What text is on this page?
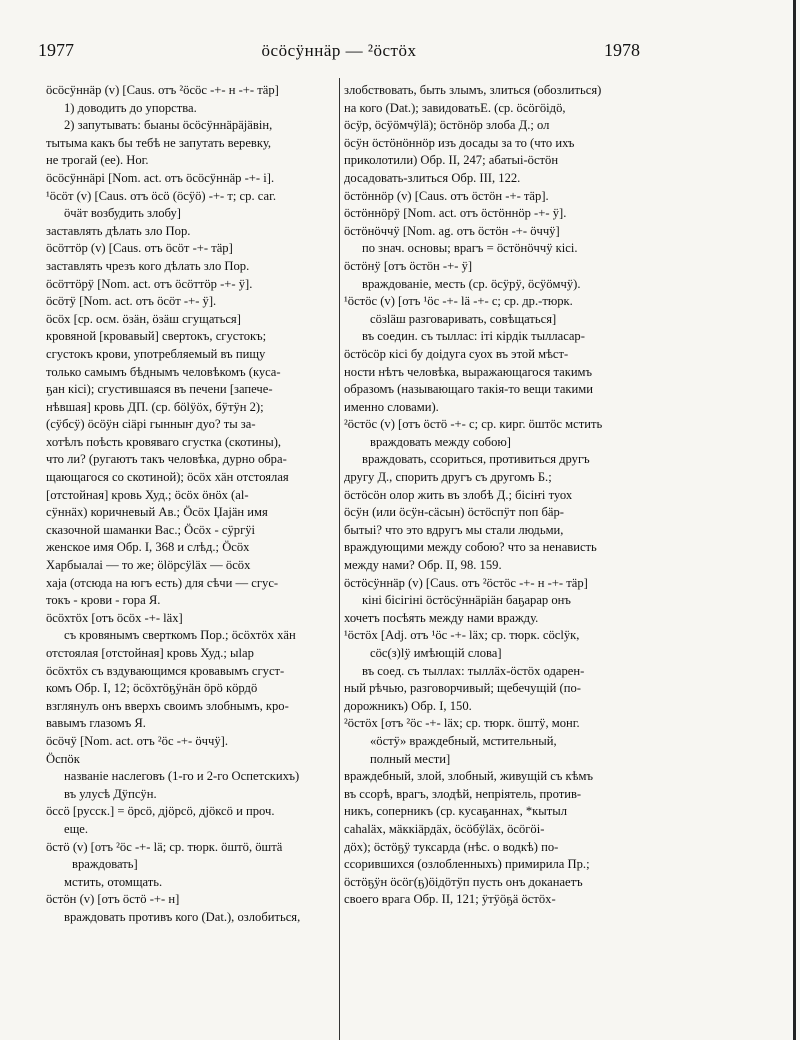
1977	ӧсӧсӱннӓр — ²ӧстӧх	1978
ӧсӧсӱннӓр (v) [Caus. отъ ²ӧсӧс -+- н -+- тӓр]
1) доводить до упорства.
2) запутывать: быаны ӧсӧсӱннӓрӓjӓвін,
тытыма какъ бы тебѣ не запутать веревку,
не трогай (ее). Ног.
ӧсӧсӱннӓрі [Nom. act. отъ ӧсӧсӱннӓр -+- і].
¹ӧсӧт (v) [Caus. отъ ӧсӧ (ӧсӱӧ) -+- т; ср. саг.
ӧчӓт возбудить злобу]
заставлять дѣлать зло Пор.
ӧсӧттӧр (v) [Caus. отъ ӧсӧт -+- тӓр]
заставлять чрезъ кого дѣлать зло Пор.
ӧсӧттӧрӱ [Nom. act. отъ ӧсӧттӧр -+- ӱ].
ӧсӧтӱ [Nom. act. отъ ӧсӧт -+- ӱ].
ӧсӧх [ср. осм. ӧзӓн, ӧзӓш сгущаться]
кровяной [кровавый] свертокъ, сгустокъ;
сгустокъ крови, употребляемый въ пищу
только самымъ бѣднымъ человѣкомъ (кусa-
ҕан кісі); сгустившаяся въ печени [запече-
нѣвшая] кровь ДП. (ср. бӧlӱӧх, бӱтӱн 2);
(сӱбсӱ) ӧсӧӱн сіӓрі гынныҥ дуо? ты за-
хотѣлъ поѣсть кровяваго сгустка (скотины),
что ли? (ругаютъ такъ человѣка, дурно обра-
щающагося со скотиной); ӧсӧх хӓн отстоялая
[отстойная] кровь Худ.; ӧсӧх ӧнӧх (аl-
сӱннӓх) коричневый Ав.; Ӧсӧх Џаjӓн имя
сказочной шаманки Вас.; Ӧсӧх - сӱргӱі
женское имя Обр. I, 368 и слѣд.; Ӧсӧх
Харбыалаі — то же; ӧlӧрсӱlӓх — ӧсӧх
хаjа (отсюда на югъ есть) для сѣчи — сгус-
токъ - крови - гора Я.
ӧсӧхтӧх [отъ ӧсӧх -+- lӓх]
съ кровянымъ сверткомъ Пор.; ӧсӧхтӧх хӓн
отстоялая [отстойная] кровь Худ.; ыlар
ӧсӧхтӧх съ вздувающимся кровавымъ сгуст-
комъ Обр. I, 12; ӧсӧхтӧҕӱнӓн ӧрӧ кӧрдӧ
взглянулъ онъ вверхъ своимъ злобнымъ, кро-
вавымъ глазомъ Я.
ӧсӧчӱ [Nom. act. отъ ²ӧс -+- ӧччӱ].
Ӧспӧк
названіе наслеговъ (1-го и 2-го Оспетскихъ)
въ улусѣ Дӱпсӱн.
ӧссӧ [русск.] = ӧрсӧ, дjӧрсӧ, дjӧксӧ и проч.
еще.
ӧстӧ (v) [отъ ²ӧс -+- lӓ; ср. тюрк. ӧштӧ, ӧштӓ
враждовать]
мстить, отомщать.
ӧстӧн (v) [отъ ӧстӧ -+- н]
враждовать противъ кого (Dat.), озлобиться,
злобствовать, быть злымъ, злиться (обозлиться)
на кого (Dat.); завидоватьЕ. (ср. ӧсӧгӧідӧ,
ӧсӱр, ӧсӱӧмчӱlӓ); ӧстӧнӧр злоба Д.; ол
ӧсӱн ӧстӧнӧннӧр изъ досады за то (что ихъ
приколотили) Обр. II, 247; абатыі-ӧстӧн
досадовать-злиться Обр. III, 122.
ӧстӧннӧр (v) [Caus. отъ ӧстӧн -+- тӓр].
ӧстӧннӧрӱ [Nom. act. отъ ӧстӧннӧр -+- ӱ].
ӧстӧнӧччӱ [Nom. ag. отъ ӧстӧн -+- ӧччӱ]
по знач. основы; врагъ = ӧстӧнӧччӱ кісі.
ӧстӧнӱ [отъ ӧстӧн -+- ӱ]
враждованіе, месть (ср. ӧсӱрӱ, ӧсӱӧмчӱ).
¹ӧстӧс (v) [отъ ¹ӧс -+- lӓ -+- с; ср. др.-тюрк.
сӧзlӓш разговаривать, совѣщаться]
въ соедин. съ тыллас: іті кірдік тыллаcар-
ӧстӧсӧр кісі бу доідуга суох въ этой мѣст-
ности нѣтъ человѣка, выражающагося такимъ
образомъ (называющаго такія-то вещи такими
именно словами).
²ӧстӧс (v) [отъ ӧстӧ -+- с; ср. кирг. ӧштӧс мстить
враждовать между собою]
враждовать, ссориться, противиться другъ
другу Д., спорить другъ съ другомъ Б.;
ӧстӧсӧн олор жить въ злобѣ Д.; бісіҥі туох
ӧсӱн (или ӧсӱн-сӓсын) ӧстӧспӱт поп бӓр-
бытыі? что это вдругъ мы стали людьми,
враждующими между собою? что за ненависть
между нами? Обр. II, 98. 159.
ӧстӧсӱннӓр (v) [Caus. отъ ²ӧстӧс -+- н -+- тӓр]
кіні бісігіні ӧстӧсӱннӓріӓн баҕарар онъ
хочетъ посѣять между нами вражду.
¹ӧстӧх [Adj. отъ ¹ӧс -+- lӓх; ср. тюрк. сӧсlӱк,
сӧс(з)lӱ имѣющій слова]
въ соед. съ тыллах: тыллӓх-ӧстӧх одарен-
ный рѣчью, разговорчивый; щебечущій (по-
дорожникъ) Обр. I, 150.
²ӧстӧх [отъ ²ӧс -+- lӓх; ср. тюрк. ӧштӱ, монг.
«ӧстӱ» враждебный, мстительный,
полный мести]
враждебный, злой, злобный, живущій съ кѣмъ
въ ссорѣ, врагъ, злодѣй, непріятель, против-
никъ, соперникъ (ср. кусаҕаннах, *кытыл
саhаlӓх, мӓккіӓрдӓх, ӧсӧбӱlӓх, ӧсӧгӧі-
дӧх); ӧстӧҕӱ туксарда (нѣс. о водкѣ) по-
ссорившихся (озлобленныхъ) примирила Пр.;
ӧстӧҕӱн ӧсӧг(ҕ)ӧідӧтӱп пусть онъ доканаетъ
своего врага Обр. II, 121; ӱтӱӧҕӓ ӧстӧх-
